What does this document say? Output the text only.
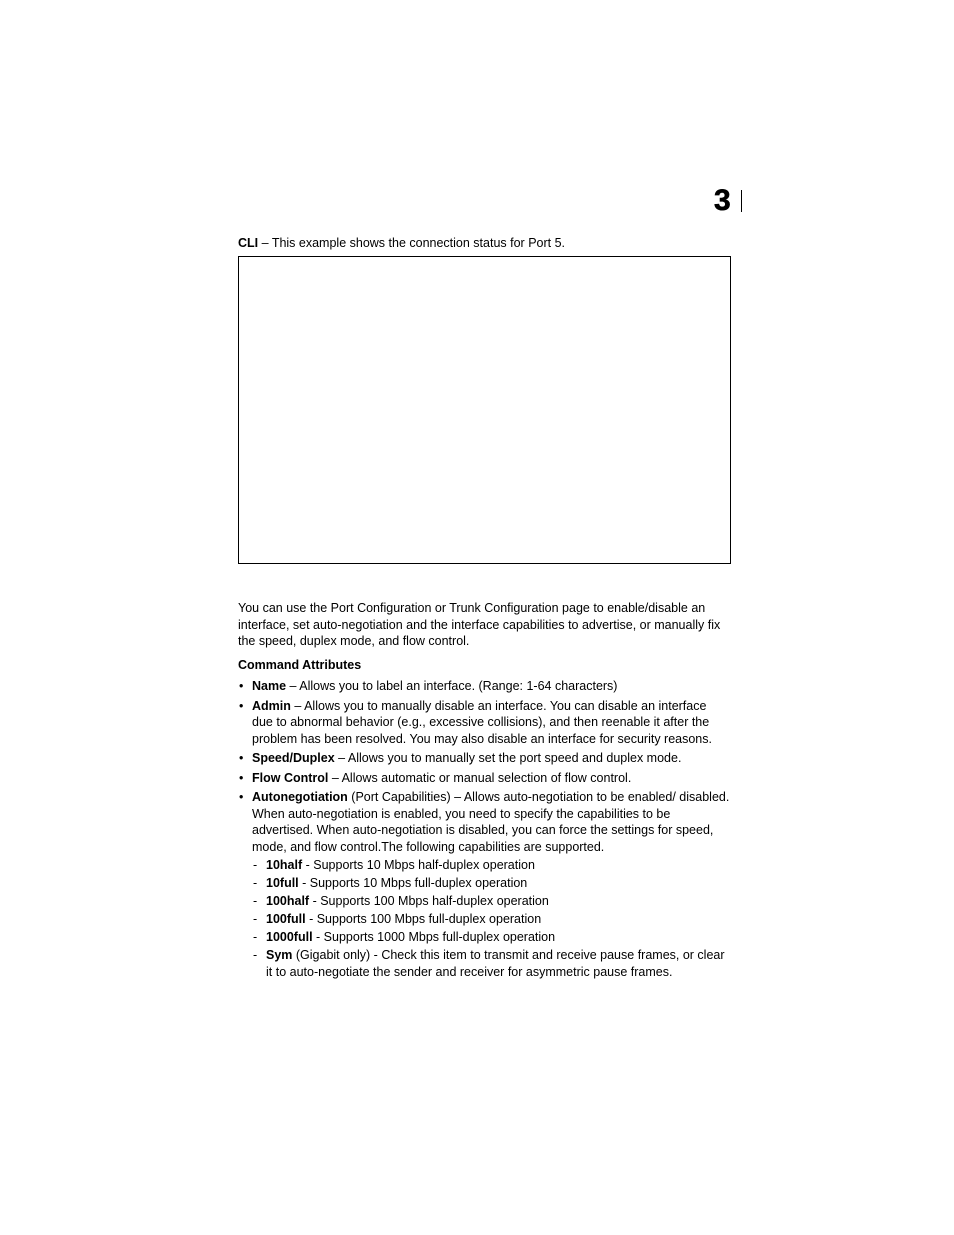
3
CLI – This example shows the connection status for Port 5.
You can use the Port Configuration or Trunk Configuration page to enable/disable an interface, set auto-negotiation and the interface capabilities to advertise, or manually fix the speed, duplex mode, and flow control.
Command Attributes
• Name – Allows you to label an interface. (Range: 1-64 characters)
• Admin – Allows you to manually disable an interface. You can disable an interface due to abnormal behavior (e.g., excessive collisions), and then reenable it after the problem has been resolved. You may also disable an interface for security reasons.
• Speed/Duplex – Allows you to manually set the port speed and duplex mode.
• Flow Control – Allows automatic or manual selection of flow control.
• Autonegotiation (Port Capabilities) – Allows auto-negotiation to be enabled/ disabled. When auto-negotiation is enabled, you need to specify the capabilities to be advertised. When auto-negotiation is disabled, you can force the settings for speed, mode, and flow control.The following capabilities are supported.
- 10half - Supports 10 Mbps half-duplex operation
- 10full - Supports 10 Mbps full-duplex operation
- 100half - Supports 100 Mbps half-duplex operation
- 100full - Supports 100 Mbps full-duplex operation
- 1000full - Supports 1000 Mbps full-duplex operation
- Sym (Gigabit only) - Check this item to transmit and receive pause frames, or clear it to auto-negotiate the sender and receiver for asymmetric pause frames.
